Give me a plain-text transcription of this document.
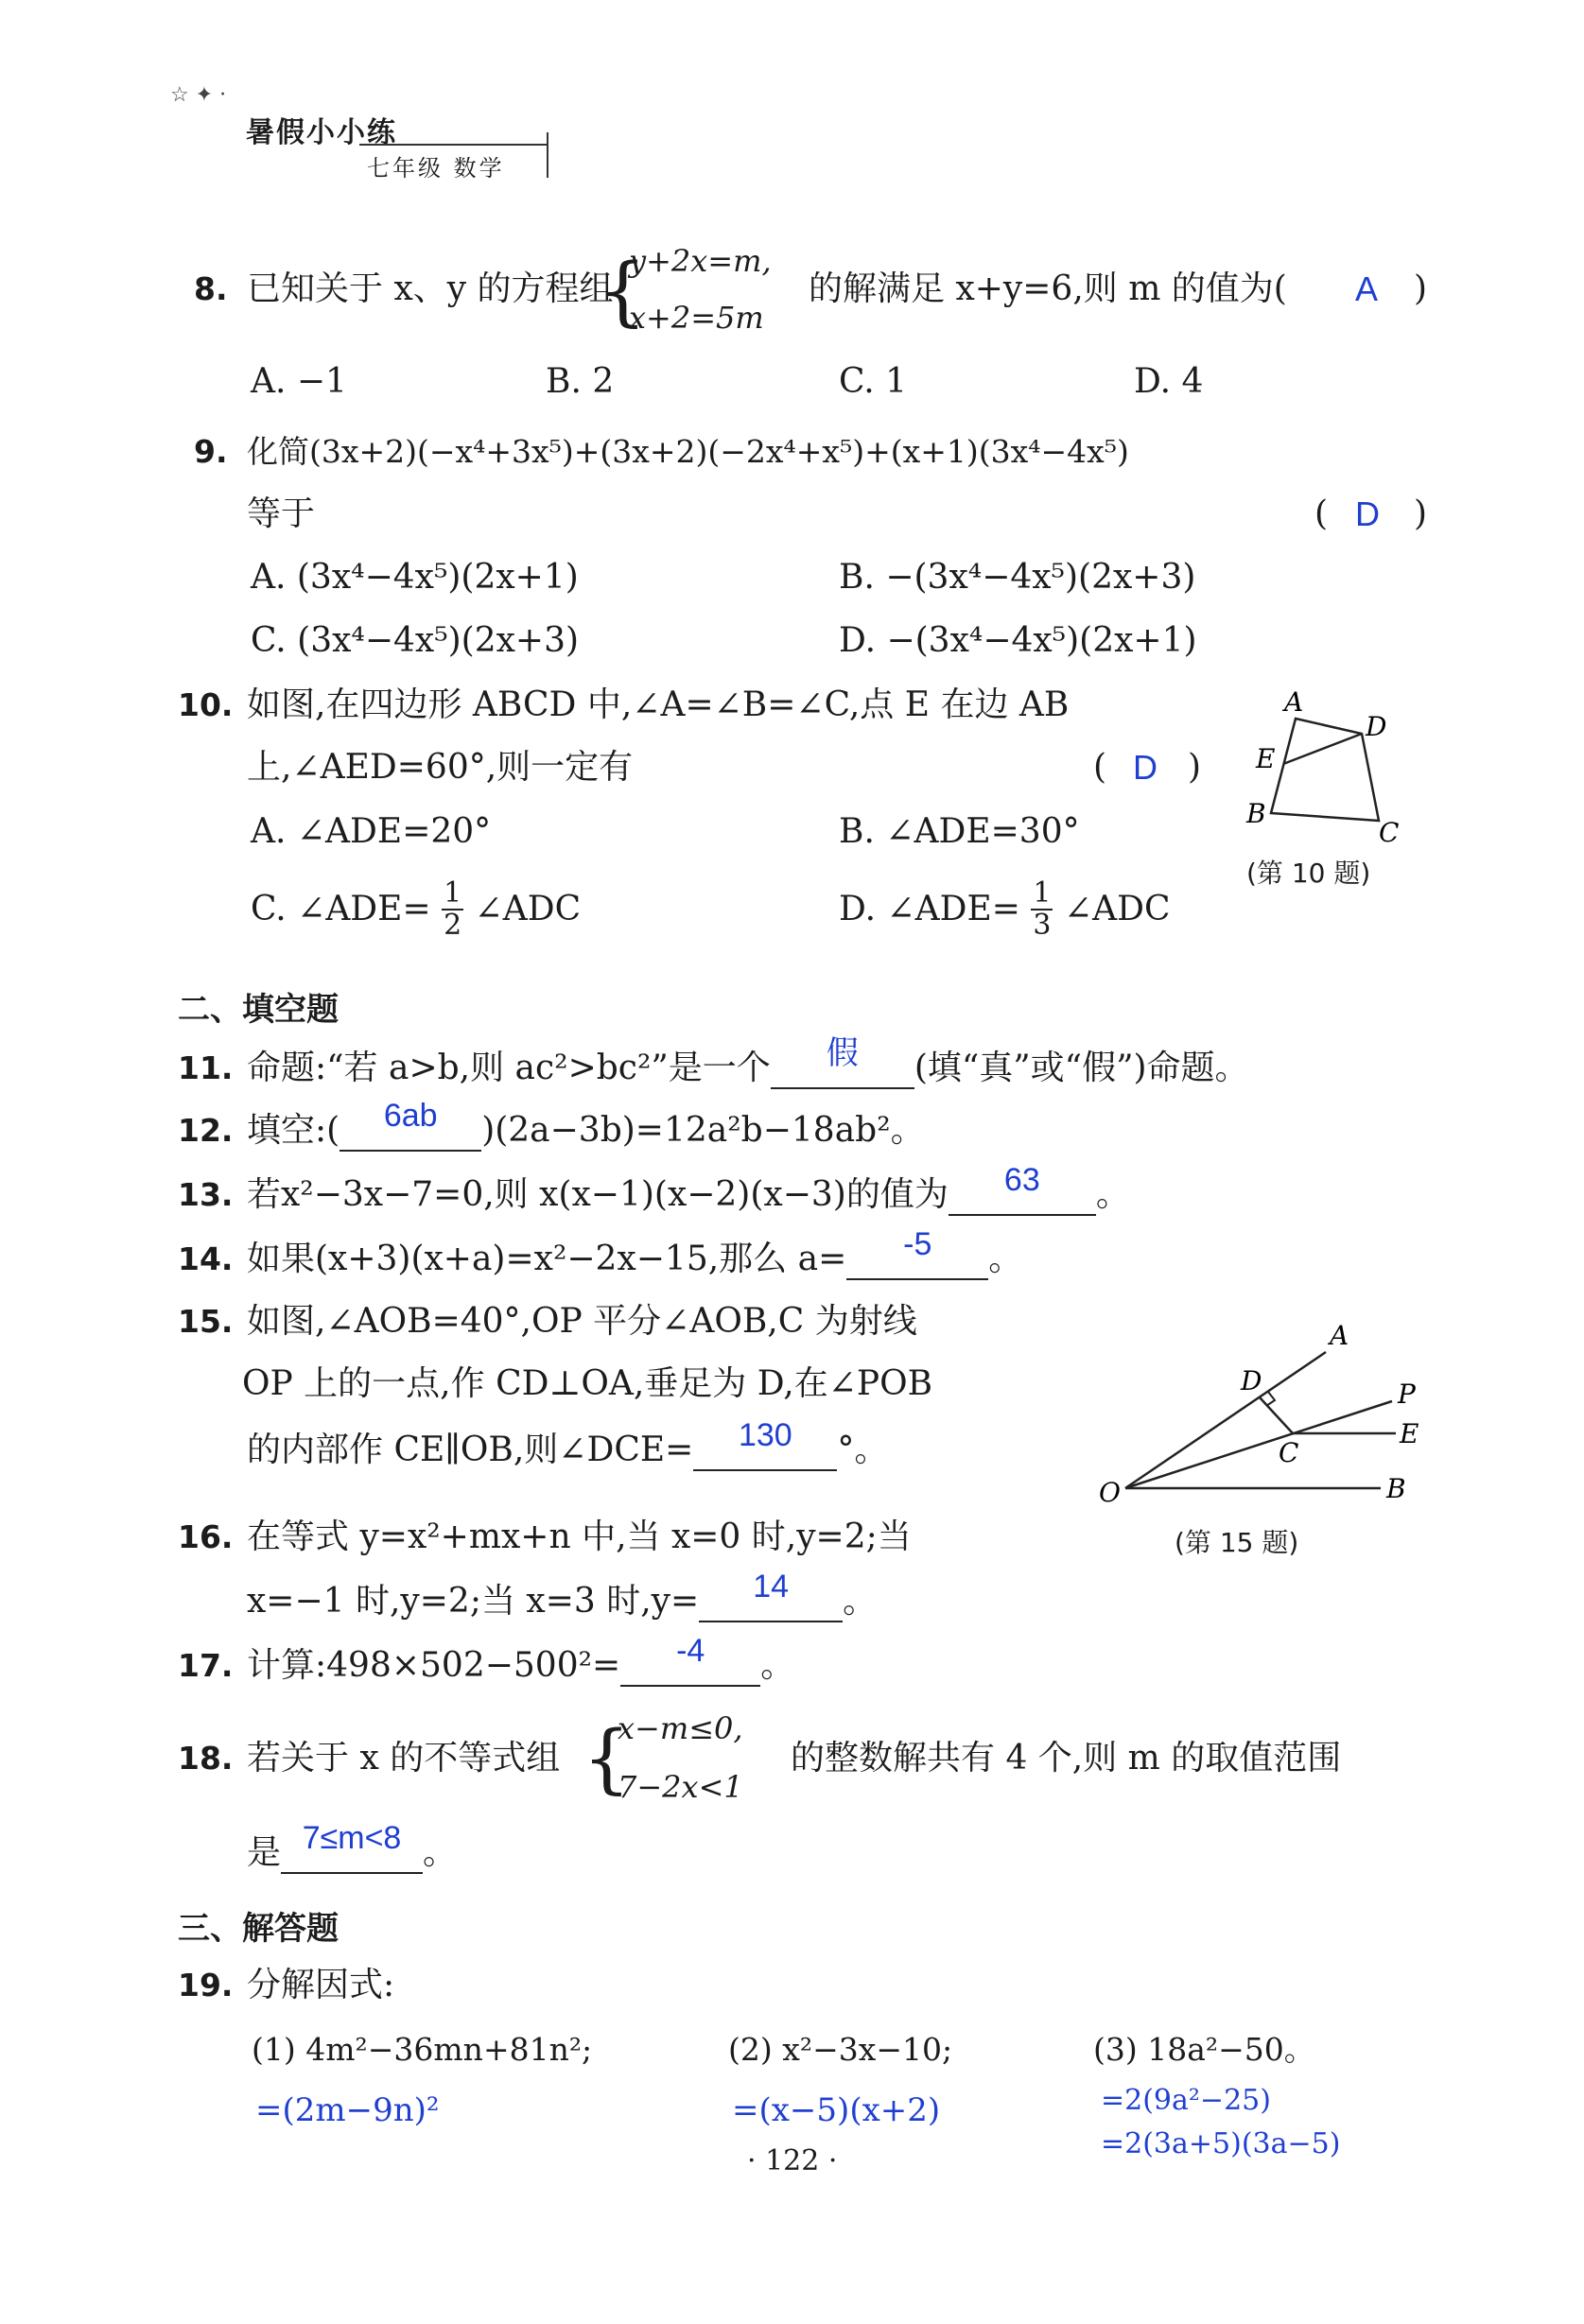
☆ ✦ ·
暑假小小练
七年级 数学
8. 已知关于 x、y 的方程组
{
y+2x=m,
x+2=5m
的解满足 x+y=6,则 m 的值为( A )
A. −1	B. 2	C. 1	D. 4
9. 化简(3x+2)(−x⁴+3x⁵)+(3x+2)(−2x⁴+x⁵)+(x+1)(3x⁴−4x⁵)
等于	( D )
A. (3x⁴−4x⁵)(2x+1)	B. −(3x⁴−4x⁵)(2x+3)
C. (3x⁴−4x⁵)(2x+3)	D. −(3x⁴−4x⁵)(2x+1)
10. 如图,在四边形 ABCD 中,∠A=∠B=∠C,点 E 在边 AB
上,∠AED=60°,则一定有	( D )
A. ∠ADE=20°	B. ∠ADE=30°
C. ∠ADE= $\frac{1}{2}$ ∠ADC	D. ∠ADE= $\frac{1}{3}$ ∠ADC
A
D
E
B
C
(第 10 题)
二、填空题
11. 命题:“若 a>b,则 ac²>bc²”是一个	假	(填“真”或“假”)命题。
12. 填空:(	6ab	)(2a−3b)=12a²b−18ab²。
13. 若x²−3x−7=0,则 x(x−1)(x−2)(x−3)的值为	63	。
14. 如果(x+3)(x+a)=x²−2x−15,那么 a=	-5	。
15. 如图,∠AOB=40°,OP 平分∠AOB,C 为射线
OP 上的一点,作 CD⊥OA,垂足为 D,在∠POB
的内部作 CE∥OB,则∠DCE=	130	°。
A
D	P
C
E
O	B
(第 15 题)
16. 在等式 y=x²+mx+n 中,当 x=0 时,y=2;当
x=−1 时,y=2;当 x=3 时,y=	14	。
17. 计算:498×502−500²=	-4	。
18. 若关于 x 的不等式组 {
x−m≤0,
7−2x<1
的整数解共有 4 个,则 m 的取值范围
是 7≤m<8 。
三、解答题
19. 分解因式:
(1) 4m²−36mn+81n²;
=(2m−9n)²
(2) x²−3x−10;
=(x−5)(x+2)
(3) 18a²−50。
=2(9a²−25)
=2(3a+5)(3a−5)
· 122 ·
